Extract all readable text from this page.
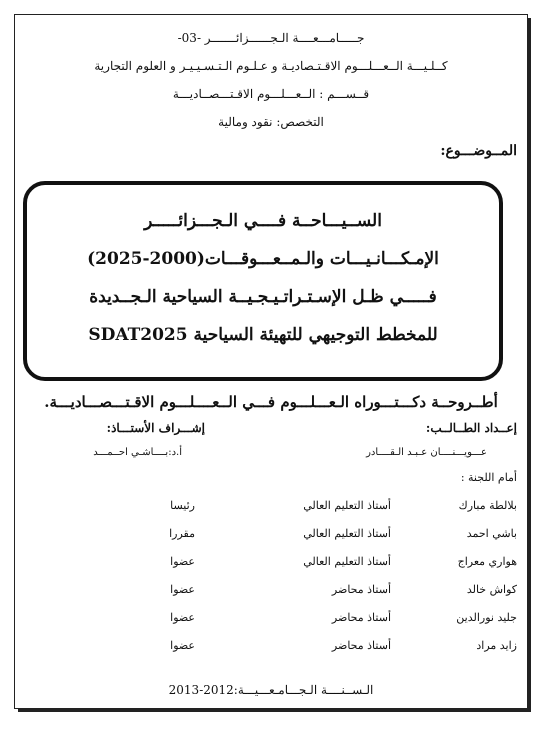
جـــــامـــعــــة الـجــــــزائـــــــر -03-
كــلـيـــة الــعـــلـــوم الاقـتـصاديـة و عـلـوم الـتـسـيـيـر و العلوم التجارية
قــســـم : الــعـــلـــوم الاقـتـــصــاديـــة
التخصص: نقود ومالية
المــوضـــوع:
الســيـــاحــة فــــي الـجـــزائـــــر
الإمـكـــانـيـــات والـمــعـــوقـــات(2000-2025)
فـــــي ظـل الإسـتـراتـيـجـيــة السياحية الـجــديدة
للمخطط التوجيهي للتهيئة السياحية SDAT2025
أطــروحــة دكـــتـــوراه الـعـــلـــوم فـــي الــعــــلـــوم الاقـتـــصـــاديـــة.
إعــداد الطــالــب:
إشـــراف الأستـــاذ:
عـــويـــنــــان عـبـد الـقــــادر
أ.د:بــــاشـي احــمـــد
أمام اللجنة :
بلالطة مبارك
أستاذ التعليم العالي
رئيسا
باشي احمد
أستاذ التعليم العالي
مقررا
هواري معراج
أستاذ التعليم العالي
عضوا
كواش خالد
أستاذ محاضر
عضوا
جليد نورالدين
أستاذ محاضر
عضوا
زايد مراد
أستاذ محاضر
عضوا
الـســنــــة الـجـــامـعـــيـــة:2012-2013
